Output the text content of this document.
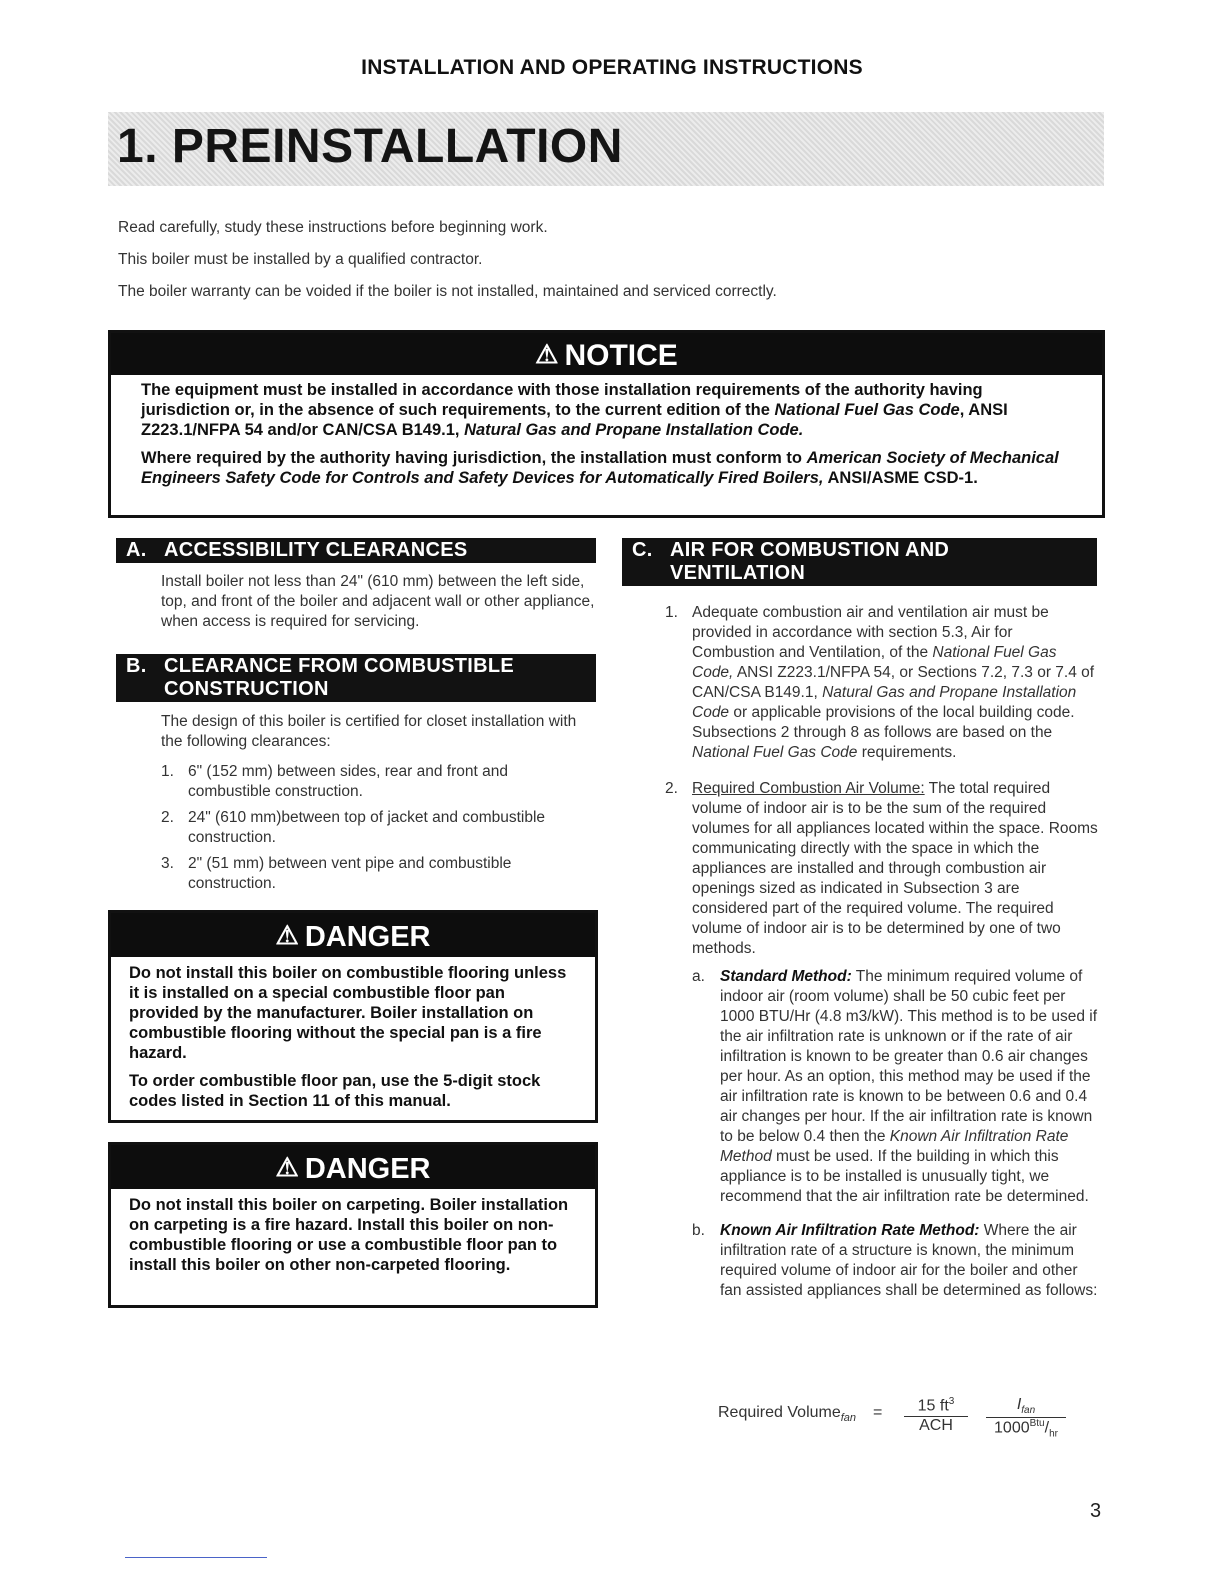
INSTALLATION AND OPERATING INSTRUCTIONS
1. PREINSTALLATION

Read carefully, study these instructions before beginning work.

This boiler must be installed by a qualified contractor.

The boiler warranty can be voided if the boiler is not installed, maintained and serviced correctly.

⚠ NOTICE

The equipment must be installed in accordance with those installation requirements of the authority having jurisdiction or, in the absence of such requirements, to the current edition of the National Fuel Gas Code, ANSI Z223.1/NFPA 54 and/or CAN/CSA B149.1, Natural Gas and Propane Installation Code.

Where required by the authority having jurisdiction, the installation must conform to American Society of Mechanical Engineers Safety Code for Controls and Safety Devices for Automatically Fired Boilers, ANSI/ASME CSD-1.

A. ACCESSIBILITY CLEARANCES

Install boiler not less than 24" (610 mm) between the left side, top, and front of the boiler and adjacent wall or other appliance, when access is required for servicing.

B. CLEARANCE FROM COMBUSTIBLE
CONSTRUCTION

The design of this boiler is certified for closet installation with the following clearances:

1. 6" (152 mm) between sides, rear and front and combustible construction.
2. 24" (610 mm)between top of jacket and combustible construction.
3. 2" (51 mm) between vent pipe and combustible construction.
⚠ DANGER

Do not install this boiler on combustible flooring unless it is installed on a special combustible floor pan provided by the manufacturer. Boiler installation on combustible flooring without the special pan is a fire hazard.

To order combustible floor pan, use the 5-digit stock codes listed in Section 11 of this manual.

⚠ DANGER

Do not install this boiler on carpeting. Boiler installation on carpeting is a fire hazard. Install this boiler on non-combustible flooring or use a combustible floor pan to install this boiler on other non-carpeted flooring.

C. AIR FOR COMBUSTION AND
VENTILATION
1. Adequate combustion air and ventilation air must be provided in accordance with section 5.3, Air for Combustion and Ventilation, of the National Fuel Gas Code, ANSI Z223.1/NFPA 54, or Sections 7.2, 7.3 or 7.4 of CAN/CSA B149.1, Natural Gas and Propane Installation Code or applicable provisions of the local building code. Subsections 2 through 8 as follows are based on the National Fuel Gas Code requirements.
2. Required Combustion Air Volume: The total required volume of indoor air is to be the sum of the required volumes for all appliances located within the space. Rooms communicating directly with the space in which the appliances are installed and through combustion air openings sized as indicated in Subsection 3 are considered part of the required volume. The required volume of indoor air is to be determined by one of two methods.
a. Standard Method: The minimum required volume of indoor air (room volume) shall be 50 cubic feet per 1000 BTU/Hr (4.8 m3/kW). This method is to be used if the air infiltration rate is unknown or if the rate of air infiltration is known to be greater than 0.6 air changes per hour. As an option, this method may be used if the air infiltration rate is known to be between 0.6 and 0.4 air changes per hour. If the air infiltration rate is known to be below 0.4 then the Known Air Infiltration Rate Method must be used. If the building in which this appliance is to be installed is unusually tight, we recommend that the air infiltration rate be determined.
b. Known Air Infiltration Rate Method: Where the air infiltration rate of a structure is known, the minimum required volume of indoor air for the boiler and other fan assisted appliances shall be determined as follows:
Required Volume$_{fan}$ =	15 $ft^3$
ACH
$I_{fan}$
$1000^{Btu}/_{hr}$
3
